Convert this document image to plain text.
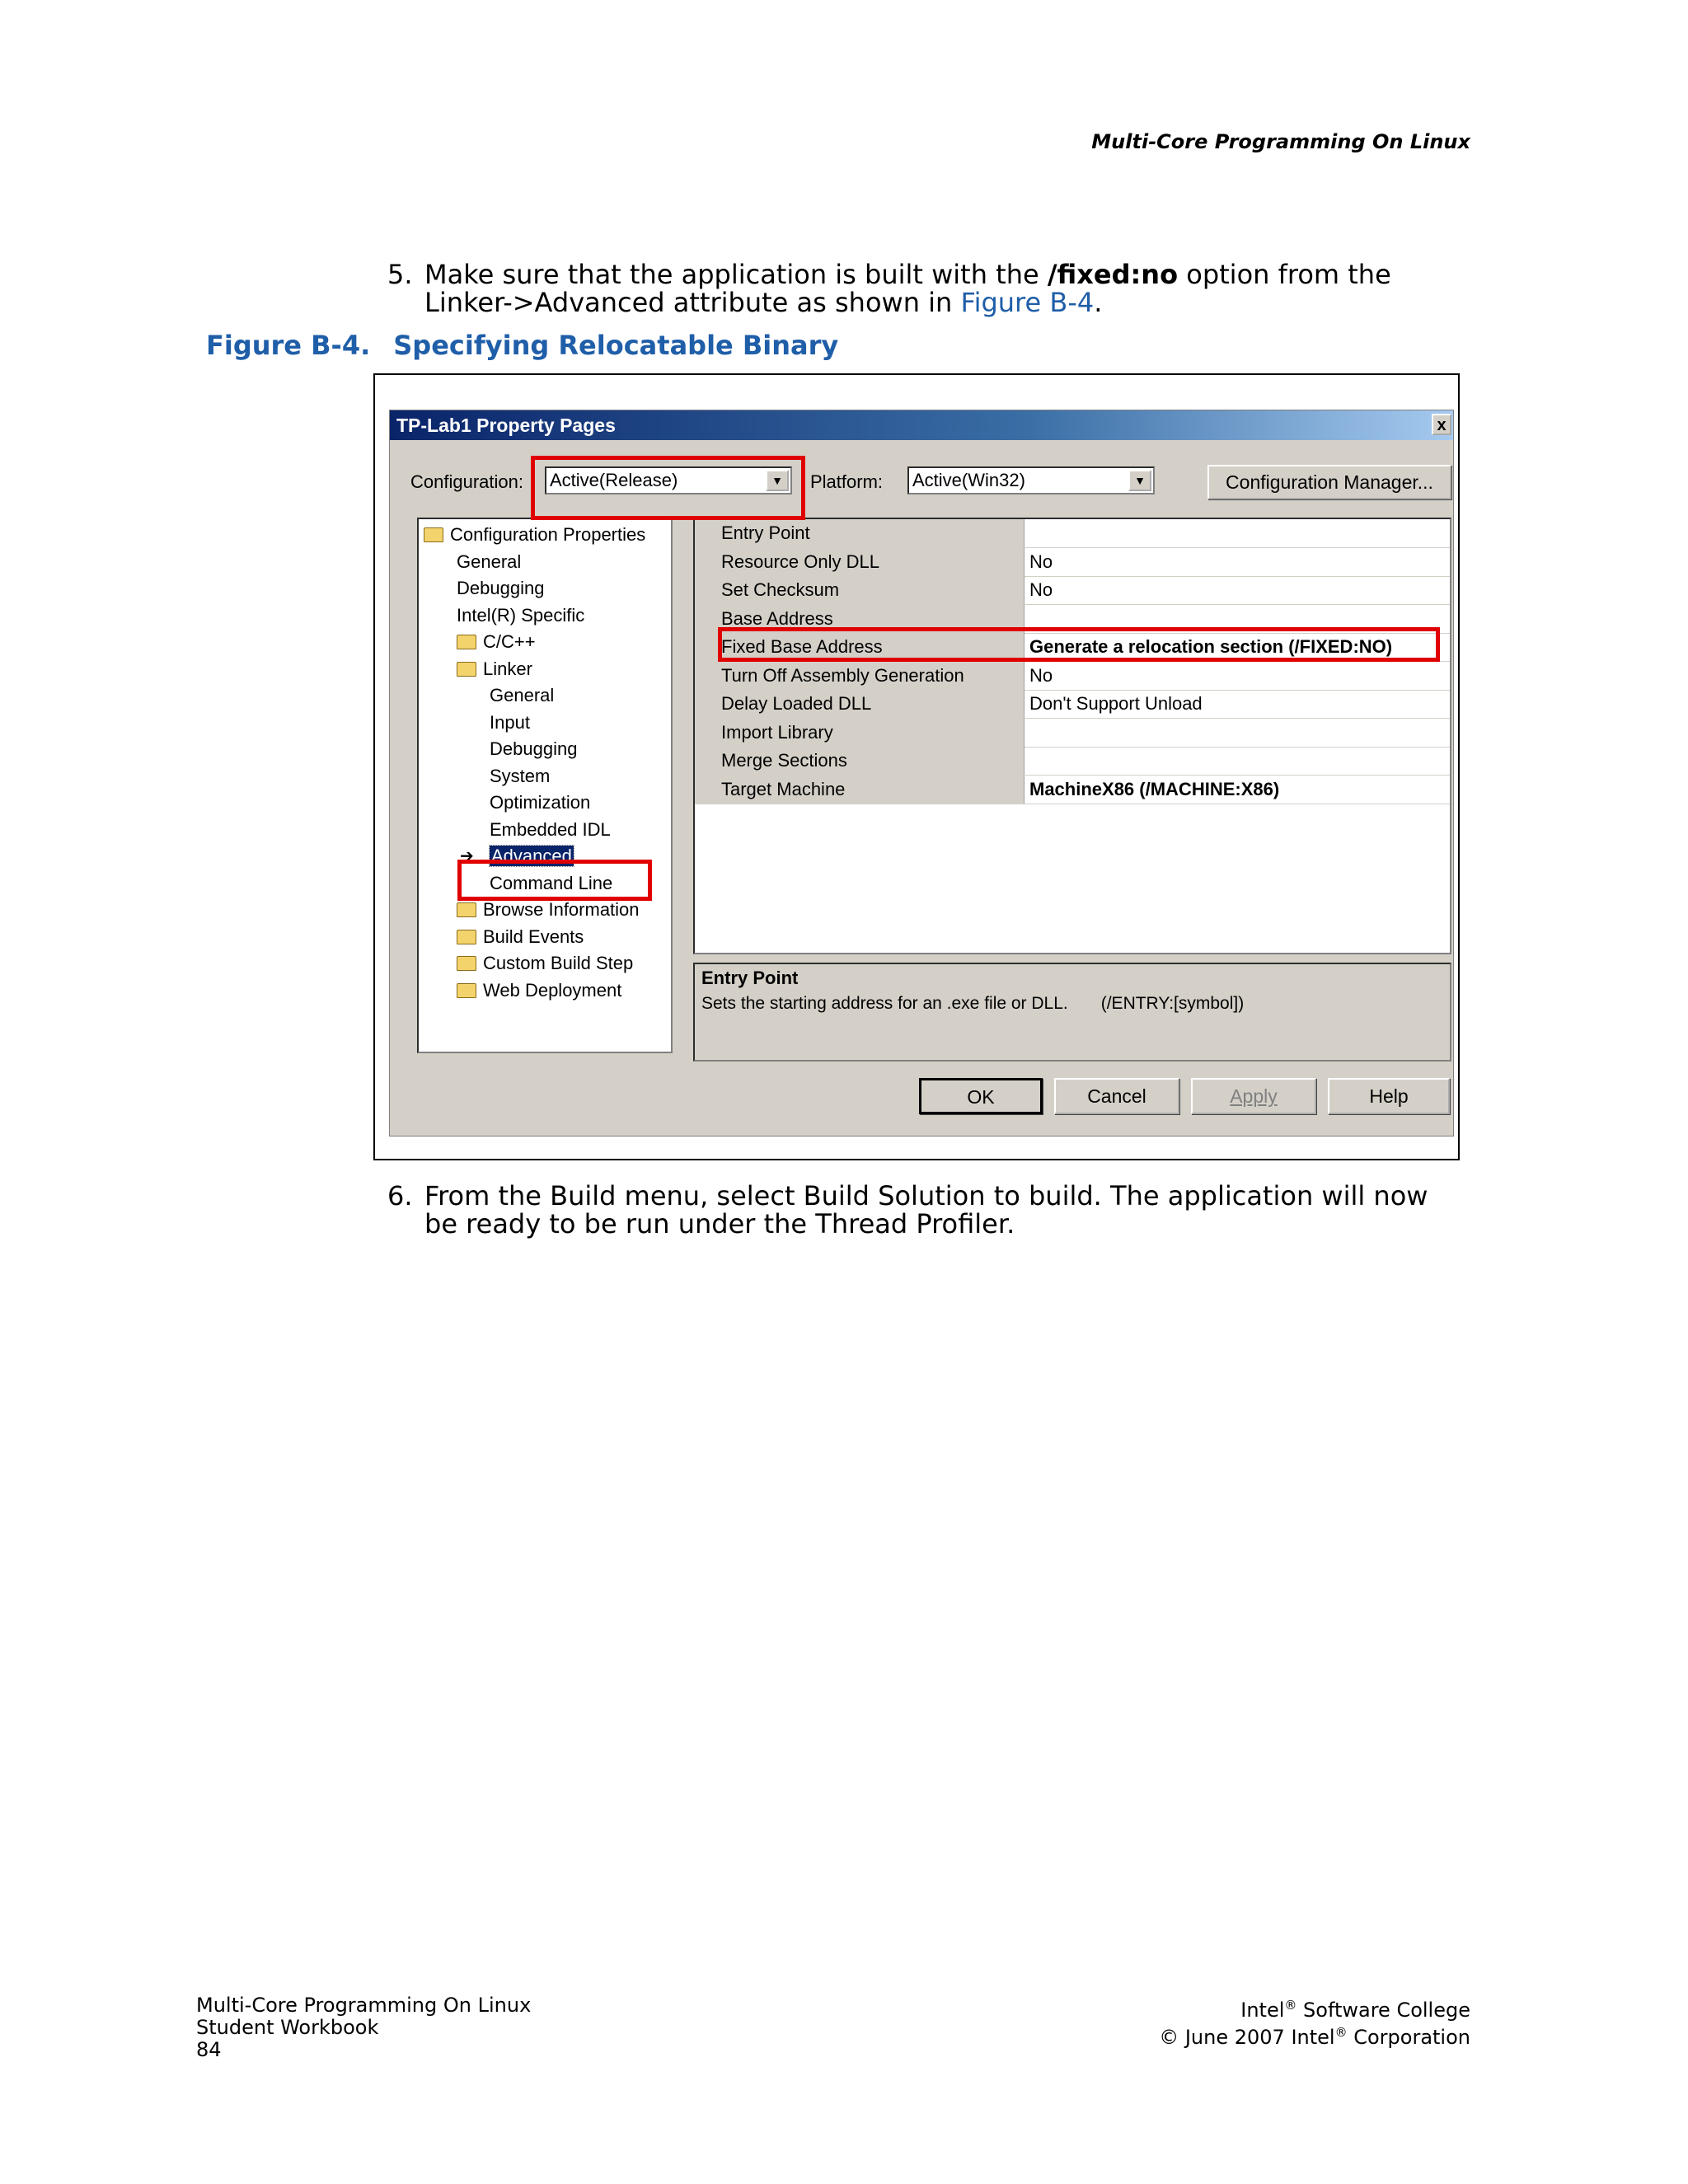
Multi-Core Programming On Linux
5. Make sure that the application is built with the /fixed:no option from the Linker->Advanced attribute as shown in Figure B-4.
Figure B-4. Specifying Relocatable Binary
TP-Lab1 Property Pages	x
Configuration: Active(Release)	▼	Platform: Active(Win32)	▼	Configuration Manager...
Configuration Properties
General
Debugging
Intel(R) Specific
C/C++
Linker
General
Input
Debugging
System
Optimization
Embedded IDL
➔ Advanced
Command Line
Browse Information
Build Events
Custom Build Step
Web Deployment
Entry Point
Resource Only DLL	No
Set Checksum	No
Base Address
Fixed Base Address	Generate a relocation section (/FIXED:NO)
Turn Off Assembly Generation	No
Delay Loaded DLL	Don't Support Unload
Import Library
Merge Sections
Target Machine	MachineX86 (/MACHINE:X86)
Entry Point
Sets the starting address for an .exe file or DLL. (/ENTRY:[symbol])
OK	Cancel	Apply	Help
6. From the Build menu, select Build Solution to build. The application will now be ready to be run under the Thread Profiler.
Multi-Core Programming On Linux
Student Workbook
84
Intel® Software College
© June 2007 Intel® Corporation
